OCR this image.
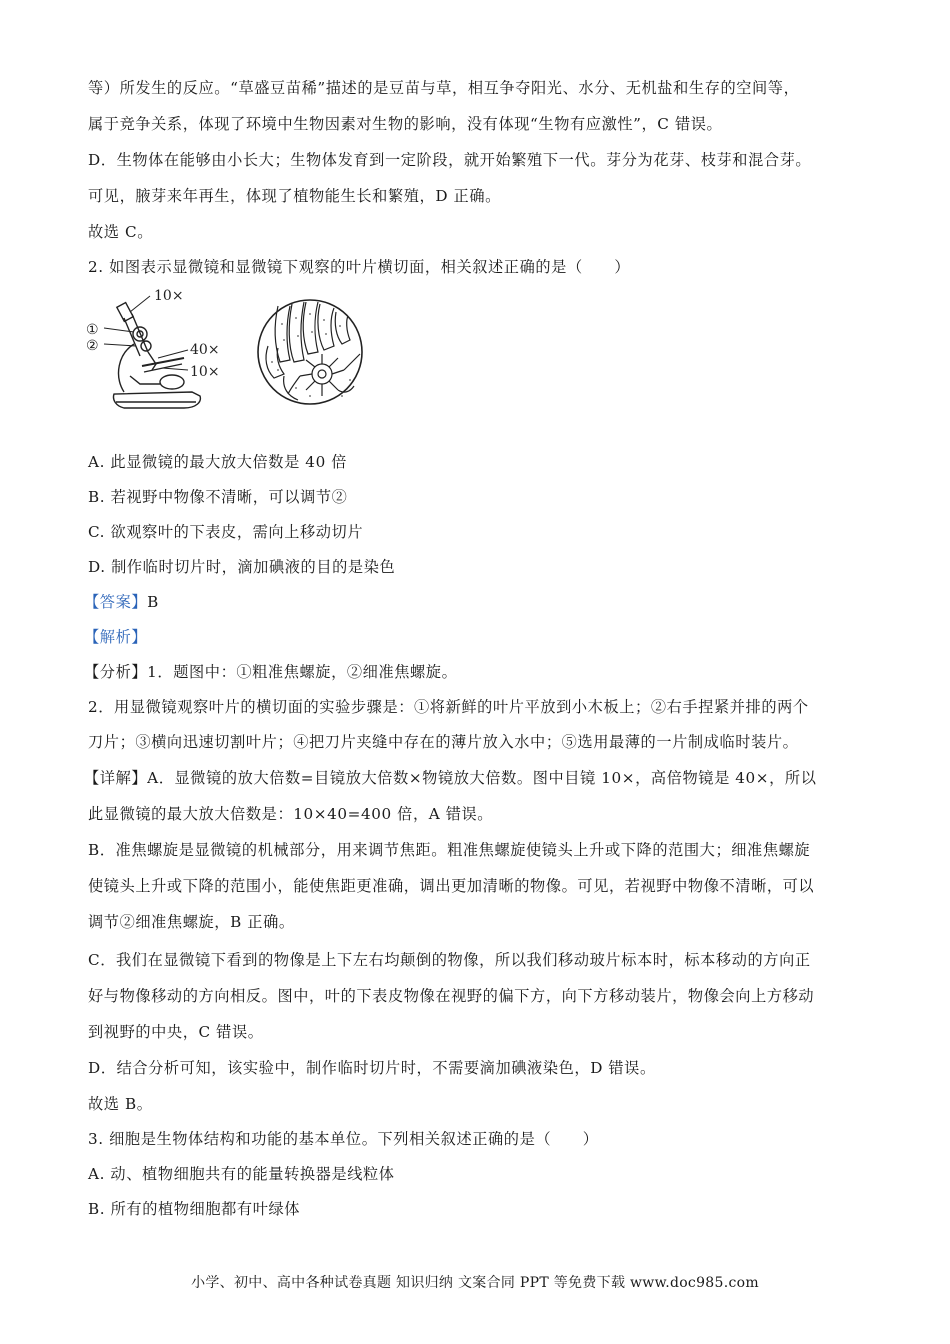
等）所发生的反应。“草盛豆苗稀”描述的是豆苗与草，相互争夺阳光、水分、无机盐和生存的空间等，
属于竞争关系，体现了环境中生物因素对生物的影响，没有体现“生物有应激性”，C 错误。
D．生物体在能够由小长大；生物体发育到一定阶段，就开始繁殖下一代。芽分为花芽、枝芽和混合芽。
可见，腋芽来年再生，体现了植物能生长和繁殖，D 正确。
故选 C。
2. 如图表示显微镜和显微镜下观察的叶片横切面，相关叙述正确的是（　　）
10×
①
②	40×
10×
A. 此显微镜的最大放大倍数是 40 倍
B. 若视野中物像不清晰，可以调节②
C. 欲观察叶的下表皮，需向上移动切片
D. 制作临时切片时，滴加碘液的目的是染色
【答案】B
【解析】
【分析】1．题图中：①粗准焦螺旋，②细准焦螺旋。
2．用显微镜观察叶片的横切面的实验步骤是：①将新鲜的叶片平放到小木板上；②右手捏紧并排的两个
刀片；③横向迅速切割叶片；④把刀片夹缝中存在的薄片放入水中；⑤选用最薄的一片制成临时装片。
【详解】A．显微镜的放大倍数=目镜放大倍数×物镜放大倍数。图中目镜 10×，高倍物镜是 40×，所以
此显微镜的最大放大倍数是：10×40=400 倍，A 错误。
B．准焦螺旋是显微镜的机械部分，用来调节焦距。粗准焦螺旋使镜头上升或下降的范围大；细准焦螺旋
使镜头上升或下降的范围小，能使焦距更准确，调出更加清晰的物像。可见，若视野中物像不清晰，可以
调节②细准焦螺旋，B 正确。
C．我们在显微镜下看到的物像是上下左右均颠倒的物像，所以我们移动玻片标本时，标本移动的方向正
好与物像移动的方向相反。图中，叶的下表皮物像在视野的偏下方，向下方移动装片，物像会向上方移动
到视野的中央，C 错误。
D．结合分析可知，该实验中，制作临时切片时，不需要滴加碘液染色，D 错误。
故选 B。
3. 细胞是生物体结构和功能的基本单位。下列相关叙述正确的是（　　）
A. 动、植物细胞共有的能量转换器是线粒体
B. 所有的植物细胞都有叶绿体
小学、初中、高中各种试卷真题 知识归纳 文案合同 PPT 等免费下载 www.doc985.com
